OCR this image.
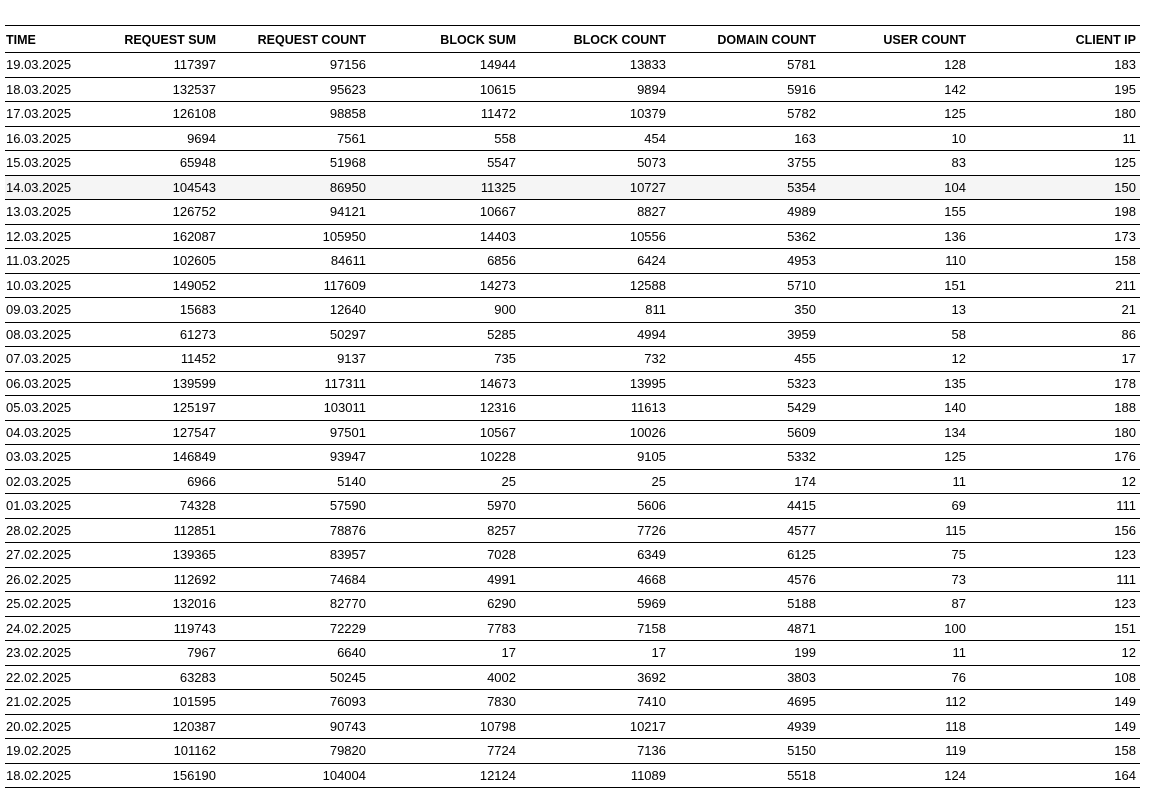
TIME	REQUEST SUM	REQUEST COUNT	BLOCK SUM	BLOCK COUNT	DOMAIN COUNT	USER COUNT	CLIENT IP
19.03.2025	117397	97156	14944	13833	5781	128	183
18.03.2025	132537	95623	10615	9894	5916	142	195
17.03.2025	126108	98858	11472	10379	5782	125	180
16.03.2025	9694	7561	558	454	163	10	11
15.03.2025	65948	51968	5547	5073	3755	83	125
14.03.2025	104543	86950	11325	10727	5354	104	150
13.03.2025	126752	94121	10667	8827	4989	155	198
12.03.2025	162087	105950	14403	10556	5362	136	173
11.03.2025	102605	84611	6856	6424	4953	110	158
10.03.2025	149052	117609	14273	12588	5710	151	211
09.03.2025	15683	12640	900	811	350	13	21
08.03.2025	61273	50297	5285	4994	3959	58	86
07.03.2025	11452	9137	735	732	455	12	17
06.03.2025	139599	117311	14673	13995	5323	135	178
05.03.2025	125197	103011	12316	11613	5429	140	188
04.03.2025	127547	97501	10567	10026	5609	134	180
03.03.2025	146849	93947	10228	9105	5332	125	176
02.03.2025	6966	5140	25	25	174	11	12
01.03.2025	74328	57590	5970	5606	4415	69	111
28.02.2025	112851	78876	8257	7726	4577	115	156
27.02.2025	139365	83957	7028	6349	6125	75	123
26.02.2025	112692	74684	4991	4668	4576	73	111
25.02.2025	132016	82770	6290	5969	5188	87	123
24.02.2025	119743	72229	7783	7158	4871	100	151
23.02.2025	7967	6640	17	17	199	11	12
22.02.2025	63283	50245	4002	3692	3803	76	108
21.02.2025	101595	76093	7830	7410	4695	112	149
20.02.2025	120387	90743	10798	10217	4939	118	149
19.02.2025	101162	79820	7724	7136	5150	119	158
18.02.2025	156190	104004	12124	11089	5518	124	164
